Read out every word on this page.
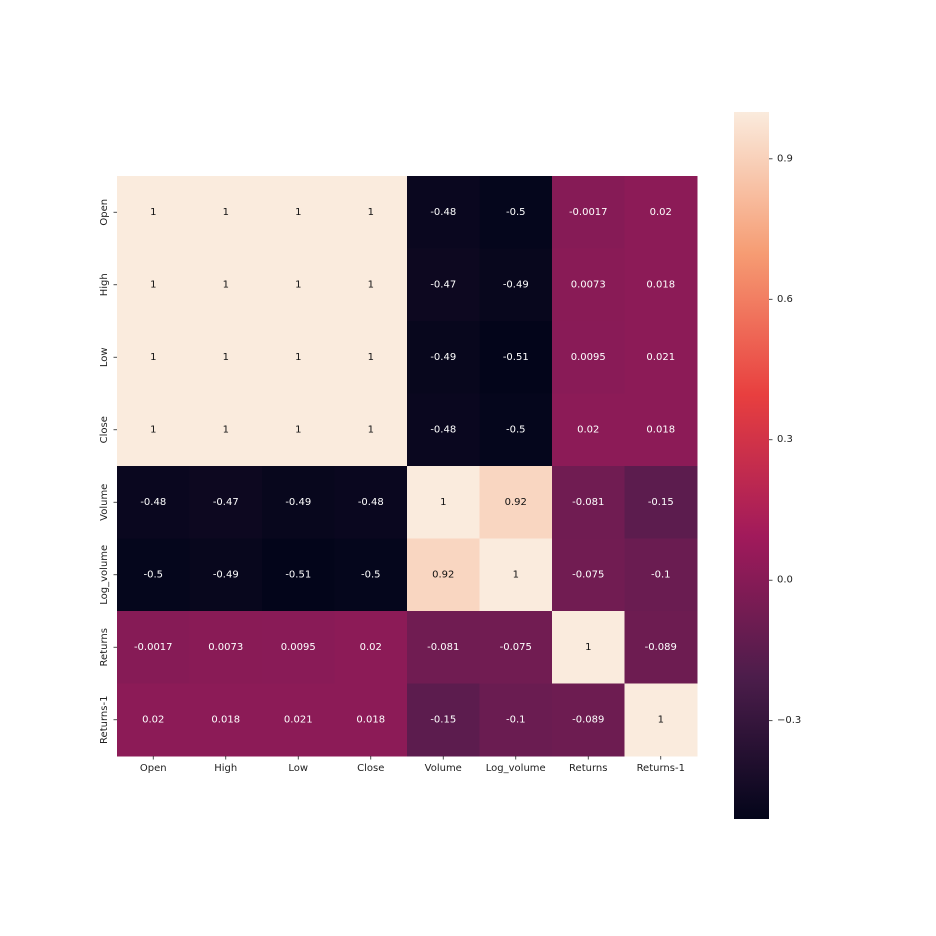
1	1	1	1	-0.48	-0.5	-0.0017	0.02
1	1	1	1	-0.47	-0.49	0.0073	0.018
1	1	1	1	-0.49	-0.51	0.0095	0.021
1	1	1	1	-0.48	-0.5	0.02	0.018
-0.48	-0.47	-0.49	-0.48	1	0.92	-0.081	-0.15
-0.5	-0.49	-0.51	-0.5	0.92	1	-0.075	-0.1
-0.0017	0.0073	0.0095	0.02	-0.081	-0.075	1	-0.089
0.02	0.018	0.021	0.018	-0.15	-0.1	-0.089	1
Open	High	Low	Close	Volume Log_volume Returns	Returns-1
Open
High
Low
Close
Volume
Log_volume
Returns
Returns-1
0.9
0.6
0.3
0.0
−0.3
